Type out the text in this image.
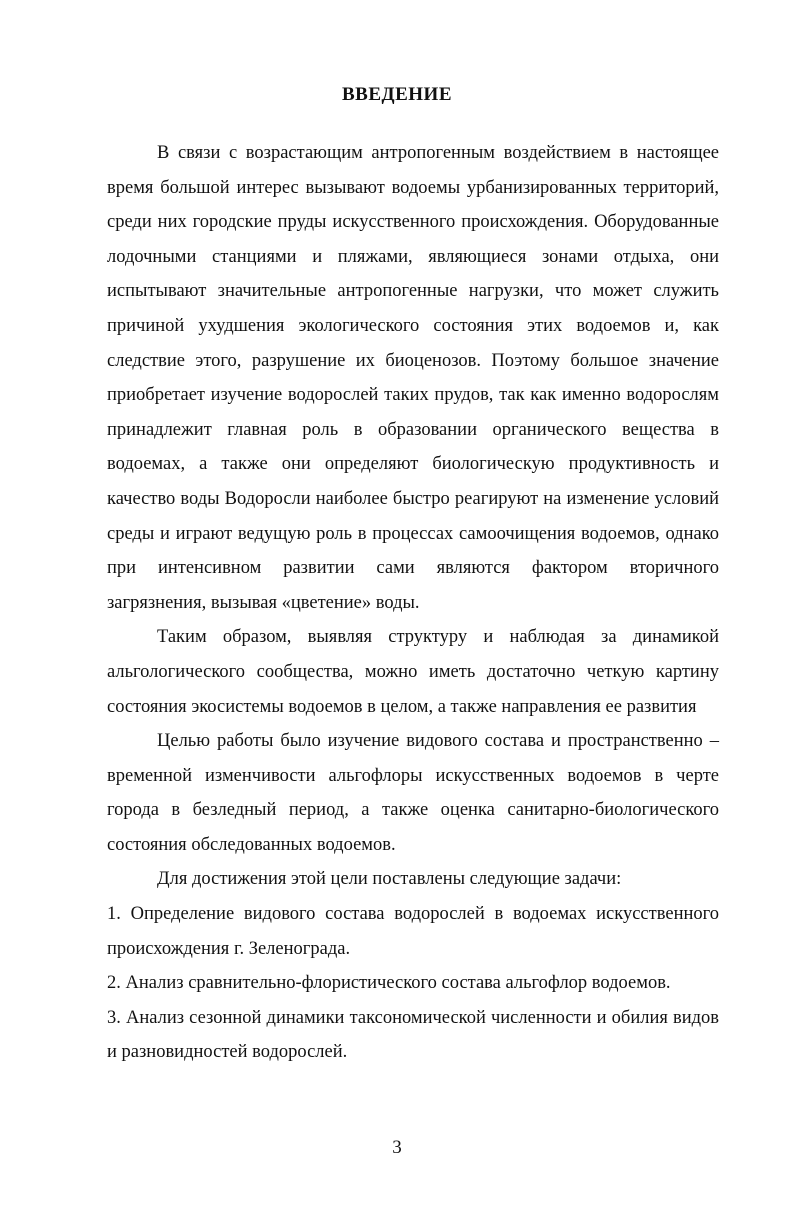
ВВЕДЕНИЕ

В связи с возрастающим антропогенным воздействием в настоящее время большой интерес вызывают водоемы урбанизированных территорий, среди них городские пруды искусственного происхождения. Оборудованные лодочными станциями и пляжами, являющиеся зонами отдыха, они испытывают значительные антропогенные нагрузки, что может служить причиной ухудшения экологического состояния этих водоемов и, как следствие этого, разрушение их биоценозов. Поэтому большое значение приобретает изучение водорослей таких прудов, так как именно водорослям принадлежит главная роль в образовании органического вещества в водоемах, а также они определяют биологическую продуктивность и качество воды Водоросли наиболее быстро реагируют на изменение условий среды и играют ведущую роль в процессах самоочищения водоемов, однако при интенсивном развитии сами являются фактором вторичного загрязнения, вызывая «цветение» воды.

Таким образом, выявляя структуру и наблюдая за динамикой альгологического сообщества, можно иметь достаточно четкую картину состояния экосистемы водоемов в целом, а также направления ее развития

Целью работы было изучение видового состава и пространственно – временной изменчивости альгофлоры искусственных водоемов в черте города в безледный период, а также оценка санитарно-биологического состояния обследованных водоемов.

Для достижения этой цели поставлены следующие задачи:

1. Определение видового состава водорослей в водоемах искусственного происхождения г. Зеленограда.

2. Анализ сравнительно-флористического состава альгофлор водоемов.

3. Анализ сезонной динамики таксономической численности и обилия видов и разновидностей водорослей.

3
